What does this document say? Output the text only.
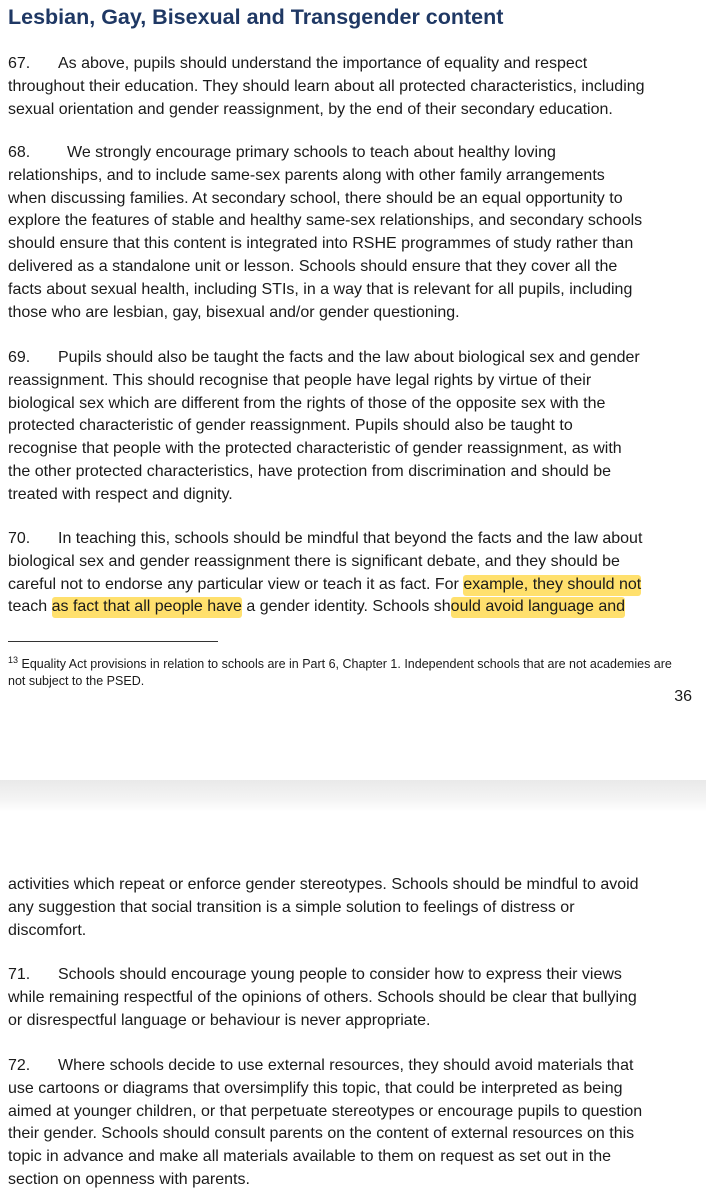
Lesbian, Gay, Bisexual and Transgender content
67. As above, pupils should understand the importance of equality and respect
throughout their education. They should learn about all protected characteristics, including
sexual orientation and gender reassignment, by the end of their secondary education.
68. We strongly encourage primary schools to teach about healthy loving
relationships, and to include same-sex parents along with other family arrangements
when discussing families. At secondary school, there should be an equal opportunity to
explore the features of stable and healthy same-sex relationships, and secondary schools
should ensure that this content is integrated into RSHE programmes of study rather than
delivered as a standalone unit or lesson. Schools should ensure that they cover all the
facts about sexual health, including STIs, in a way that is relevant for all pupils, including
those who are lesbian, gay, bisexual and/or gender questioning.
69. Pupils should also be taught the facts and the law about biological sex and gender
reassignment. This should recognise that people have legal rights by virtue of their
biological sex which are different from the rights of those of the opposite sex with the
protected characteristic of gender reassignment. Pupils should also be taught to
recognise that people with the protected characteristic of gender reassignment, as with
the other protected characteristics, have protection from discrimination and should be
treated with respect and dignity.
70. In teaching this, schools should be mindful that beyond the facts and the law about
biological sex and gender reassignment there is significant debate, and they should be
careful not to endorse any particular view or teach it as fact. For example, they should not
teach as fact that all people have a gender identity. Schools should avoid language and
$^{13}$ Equality Act provisions in relation to schools are in Part 6, Chapter 1. Independent schools that are not academies are
not subject to the PSED.
36
activities which repeat or enforce gender stereotypes. Schools should be mindful to avoid
any suggestion that social transition is a simple solution to feelings of distress or
discomfort.
71. Schools should encourage young people to consider how to express their views
while remaining respectful of the opinions of others. Schools should be clear that bullying
or disrespectful language or behaviour is never appropriate.
72. Where schools decide to use external resources, they should avoid materials that
use cartoons or diagrams that oversimplify this topic, that could be interpreted as being
aimed at younger children, or that perpetuate stereotypes or encourage pupils to question
their gender. Schools should consult parents on the content of external resources on this
topic in advance and make all materials available to them on request as set out in the
section on openness with parents.
